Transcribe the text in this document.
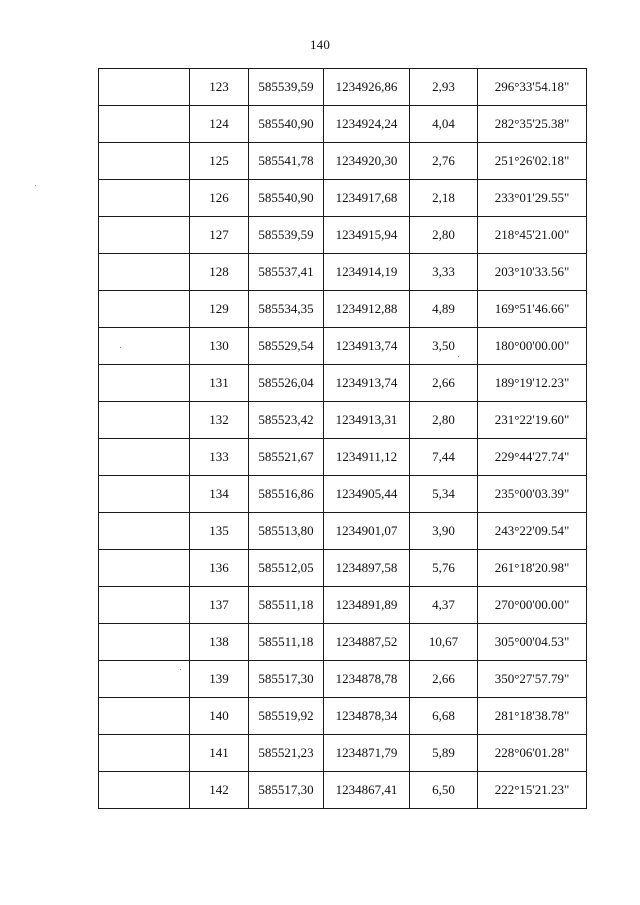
140
	123	585539,59	1234926,86	2,93	296°33'54.18"
	124	585540,90	1234924,24	4,04	282°35'25.38"
	125	585541,78	1234920,30	2,76	251°26'02.18"
	126	585540,90	1234917,68	2,18	233°01'29.55"
	127	585539,59	1234915,94	2,80	218°45'21.00"
	128	585537,41	1234914,19	3,33	203°10'33.56"
	129	585534,35	1234912,88	4,89	169°51'46.66"
	130	585529,54	1234913,74	3,50	180°00'00.00"
	131	585526,04	1234913,74	2,66	189°19'12.23"
	132	585523,42	1234913,31	2,80	231°22'19.60"
	133	585521,67	1234911,12	7,44	229°44'27.74"
	134	585516,86	1234905,44	5,34	235°00'03.39"
	135	585513,80	1234901,07	3,90	243°22'09.54"
	136	585512,05	1234897,58	5,76	261°18'20.98"
	137	585511,18	1234891,89	4,37	270°00'00.00"
	138	585511,18	1234887,52	10,67	305°00'04.53"
	139	585517,30	1234878,78	2,66	350°27'57.79"
	140	585519,92	1234878,34	6,68	281°18'38.78"
	141	585521,23	1234871,79	5,89	228°06'01.28"
	142	585517,30	1234867,41	6,50	222°15'21.23"
